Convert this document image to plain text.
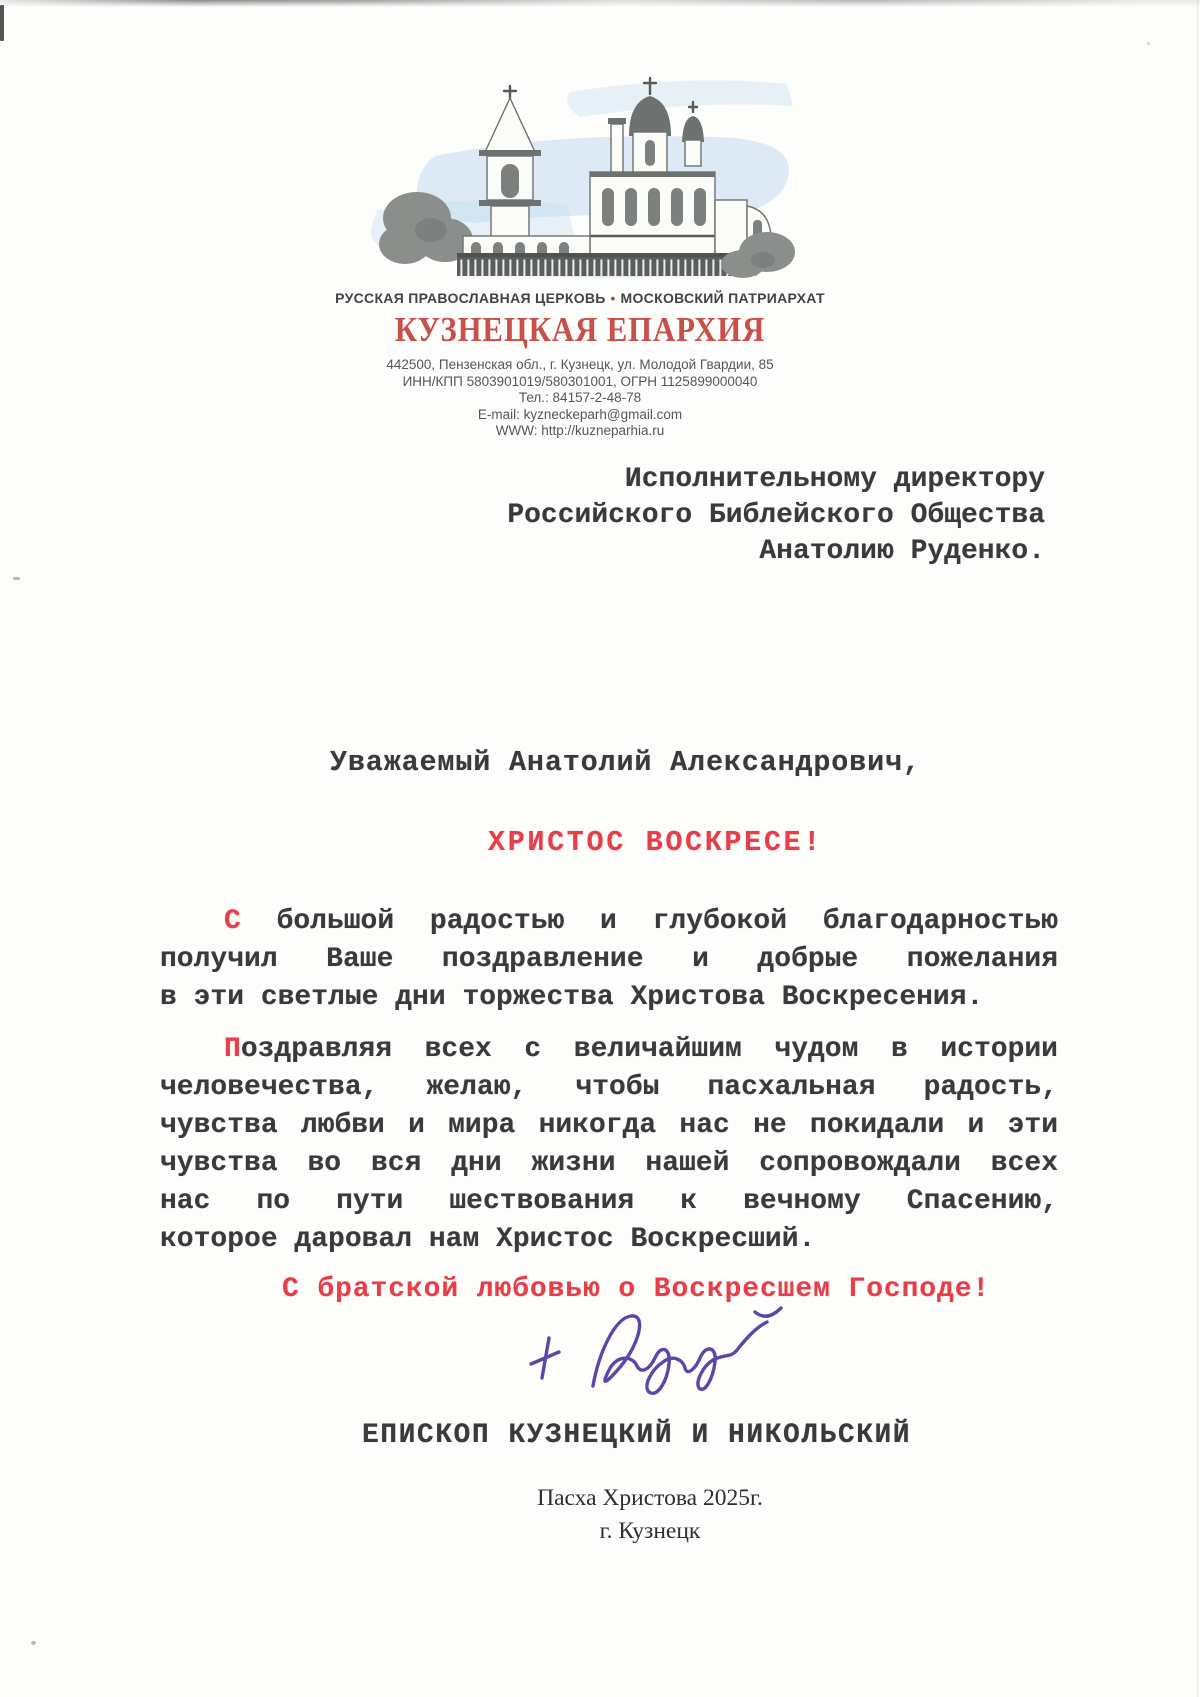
РУССКАЯ ПРАВОСЛАВНАЯ ЦЕРКОВЬ • МОСКОВСКИЙ ПАТРИАРХАТ
КУЗНЕЦКАЯ ЕПАРХИЯ
442500, Пензенская обл., г. Кузнецк, ул. Молодой Гвардии, 85
ИНН/КПП 5803901019/580301001, ОГРН 1125899000040
Тел.: 84157-2-48-78
E-mail: kyzneckeparh@gmail.com
WWW: http://kuzneparhia.ru
Исполнительному директору
Российского Библейского Общества
Анатолию Руденко.
Уважаемый Анатолий Александрович,
ХРИСТОС ВОСКРЕСЕ!
С большой радостью и глубокой благодарностью
получил Ваше поздравление и добрые пожелания
в эти светлые дни торжества Христова Воскресения.
Поздравляя всех с величайшим чудом в истории
человечества, желаю, чтобы пасхальная радость,
чувства любви и мира никогда нас не покидали и эти
чувства во вся дни жизни нашей сопровождали всех
нас по пути шествования к вечному Спасению,
которое даровал нам Христос Воскресший.
С братской любовью о Воскресшем Господе!
ЕПИСКОП КУЗНЕЦКИЙ И НИКОЛЬСКИЙ
Пасха Христова 2025г.
г. Кузнецк
